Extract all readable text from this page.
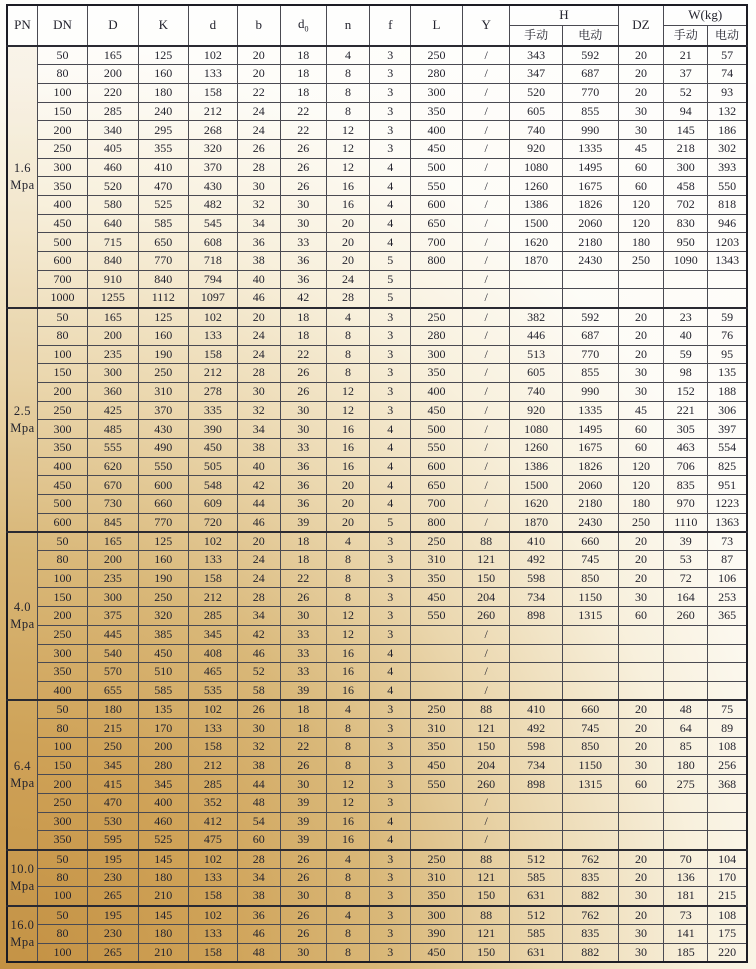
PN	DN	D	K	d	b	$d_0$	n	f	L	Y	H		DZ	W(kg)	
											手动	电动		手动	电动

1.6
Mpa	50	165	125	102	20	18	4	3	250	/	343	592	20	21	57
	80	200	160	133	20	18	8	3	280	/	347	687	20	37	74
	100	220	180	158	22	18	8	3	300	/	520	770	20	52	93
	150	285	240	212	24	22	8	3	350	/	605	855	30	94	132
	200	340	295	268	24	22	12	3	400	/	740	990	30	145	186
	250	405	355	320	26	26	12	3	450	/	920	1335	45	218	302
	300	460	410	370	28	26	12	4	500	/	1080	1495	60	300	393
	350	520	470	430	30	26	16	4	550	/	1260	1675	60	458	550
	400	580	525	482	32	30	16	4	600	/	1386	1826	120	702	818
	450	640	585	545	34	30	20	4	650	/	1500	2060	120	830	946
	500	715	650	608	36	33	20	4	700	/	1620	2180	180	950	1203
	600	840	770	718	38	36	20	5	800	/	1870	2430	250	1090	1343
	700	910	840	794	40	36	24	5		/					
	1000	1255	1112	1097	46	42	28	5		/					

2.5
Mpa	50	165	125	102	20	18	4	3	250	/	382	592	20	23	59
	80	200	160	133	24	18	8	3	280	/	446	687	20	40	76
	100	235	190	158	24	22	8	3	300	/	513	770	20	59	95
	150	300	250	212	28	26	8	3	350	/	605	855	30	98	135
	200	360	310	278	30	26	12	3	400	/	740	990	30	152	188
	250	425	370	335	32	30	12	3	450	/	920	1335	45	221	306
	300	485	430	390	34	30	16	4	500	/	1080	1495	60	305	397
	350	555	490	450	38	33	16	4	550	/	1260	1675	60	463	554
	400	620	550	505	40	36	16	4	600	/	1386	1826	120	706	825
	450	670	600	548	42	36	20	4	650	/	1500	2060	120	835	951
	500	730	660	609	44	36	20	4	700	/	1620	2180	180	970	1223
	600	845	770	720	46	39	20	5	800	/	1870	2430	250	1110	1363

4.0
Mpa	50	165	125	102	20	18	4	3	250	88	410	660	20	39	73
	80	200	160	133	24	18	8	3	310	121	492	745	20	53	87
	100	235	190	158	24	22	8	3	350	150	598	850	20	72	106
	150	300	250	212	28	26	8	3	450	204	734	1150	30	164	253
	200	375	320	285	34	30	12	3	550	260	898	1315	60	260	365
	250	445	385	345	42	33	12	3		/					
	300	540	450	408	46	33	16	4		/					
	350	570	510	465	52	33	16	4		/					
	400	655	585	535	58	39	16	4		/					

6.4
Mpa	50	180	135	102	26	18	4	3	250	88	410	660	20	48	75
	80	215	170	133	30	18	8	3	310	121	492	745	20	64	89
	100	250	200	158	32	22	8	3	350	150	598	850	20	85	108
	150	345	280	212	38	26	8	3	450	204	734	1150	30	180	256
	200	415	345	285	44	30	12	3	550	260	898	1315	60	275	368
	250	470	400	352	48	39	12	3		/					
	300	530	460	412	54	39	16	4		/					
	350	595	525	475	60	39	16	4		/					

10.0
Mpa	50	195	145	102	28	26	4	3	250	88	512	762	20	70	104
	80	230	180	133	34	26	8	3	310	121	585	835	20	136	170
	100	265	210	158	38	30	8	3	350	150	631	882	30	181	215

16.0
Mpa	50	195	145	102	36	26	4	3	300	88	512	762	20	73	108
	80	230	180	133	46	26	8	3	390	121	585	835	30	141	175
	100	265	210	158	48	30	8	3	450	150	631	882	30	185	220
